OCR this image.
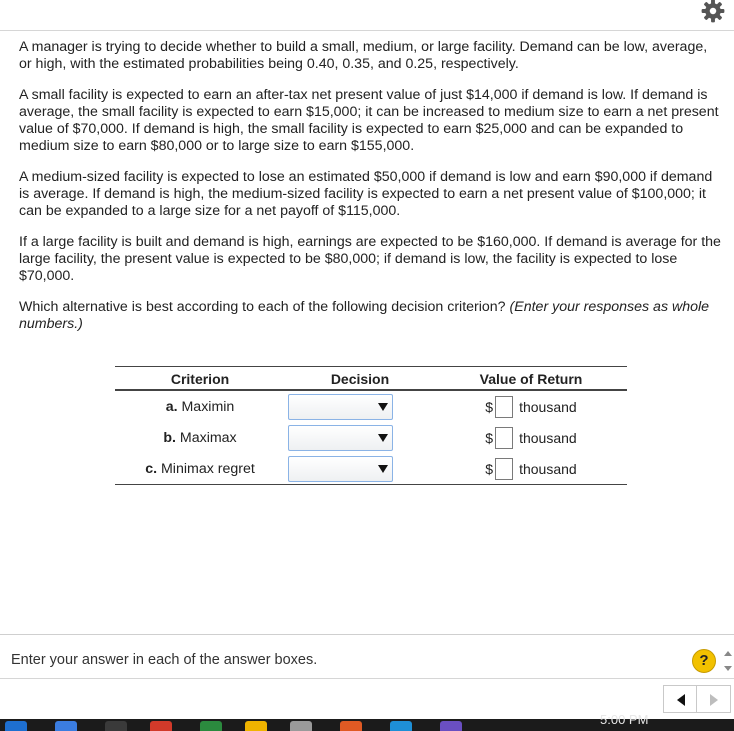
A manager is trying to decide whether to build a small, medium, or large facility. Demand can be low, average, or high, with the estimated probabilities being 0.40, 0.35, and 0.25, respectively.

A small facility is expected to earn an after-tax net present value of just $14,000 if demand is low. If demand is average, the small facility is expected to earn $15,000; it can be increased to medium size to earn a net present value of $70,000. If demand is high, the small facility is expected to earn $25,000 and can be expanded to medium size to earn $80,000 or to large size to earn $155,000.

A medium-sized facility is expected to lose an estimated $50,000 if demand is low and earn $90,000 if demand is average. If demand is high, the medium-sized facility is expected to earn a net present value of $100,000; it can be expanded to a large size for a net payoff of $115,000.

If a large facility is built and demand is high, earnings are expected to be $160,000. If demand is average for the large facility, the present value is expected to be $80,000; if demand is low, the facility is expected to lose $70,000.

Which alternative is best according to each of the following decision criterion? (Enter your responses as whole numbers.)

Criterion	Decision	Value of Return
a. Maximin		$ thousand

b. Maximax		$ thousand

c. Minimax regret		$ thousand
Enter your answer in each of the answer boxes.	?
5:00 PM
